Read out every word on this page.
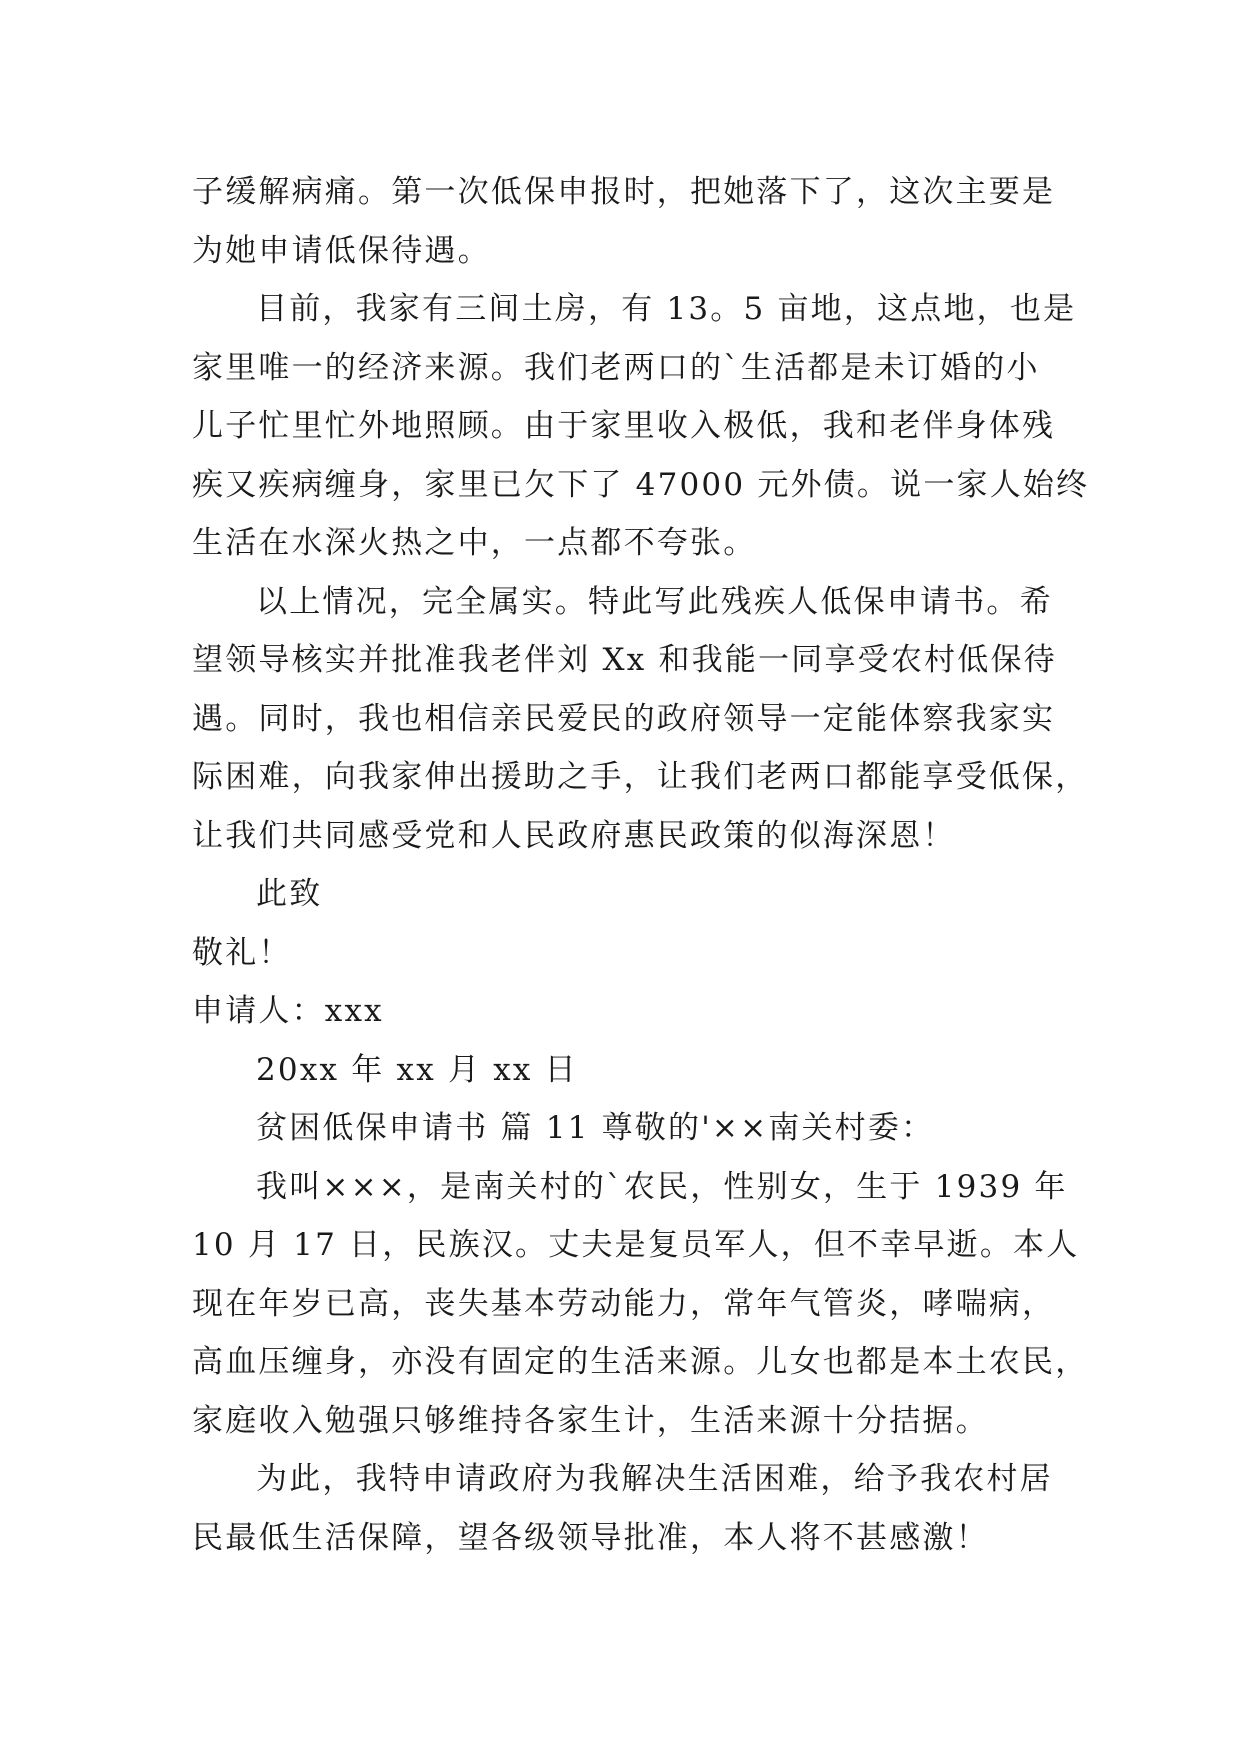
子缓解病痛。第一次低保申报时，把她落下了，这次主要是
为她申请低保待遇。
目前，我家有三间土房，有 13。5 亩地，这点地，也是
家里唯一的经济来源。我们老两口的`生活都是未订婚的小
儿子忙里忙外地照顾。由于家里收入极低，我和老伴身体残
疾又疾病缠身，家里已欠下了 47000 元外债。说一家人始终
生活在水深火热之中，一点都不夸张。
以上情况，完全属实。特此写此残疾人低保申请书。希
望领导核实并批准我老伴刘 Xx 和我能一同享受农村低保待
遇。同时，我也相信亲民爱民的政府领导一定能体察我家实
际困难，向我家伸出援助之手，让我们老两口都能享受低保，
让我们共同感受党和人民政府惠民政策的似海深恩！
此致
敬礼！
申请人：xxx
20xx 年 xx 月 xx 日
贫困低保申请书 篇 11 尊敬的'××南关村委：
我叫×××，是南关村的`农民，性别女，生于 1939 年
10 月 17 日，民族汉。丈夫是复员军人，但不幸早逝。本人
现在年岁已高，丧失基本劳动能力，常年气管炎，哮喘病，
高血压缠身，亦没有固定的生活来源。儿女也都是本土农民，
家庭收入勉强只够维持各家生计，生活来源十分拮据。
为此，我特申请政府为我解决生活困难，给予我农村居
民最低生活保障，望各级领导批准，本人将不甚感激！
